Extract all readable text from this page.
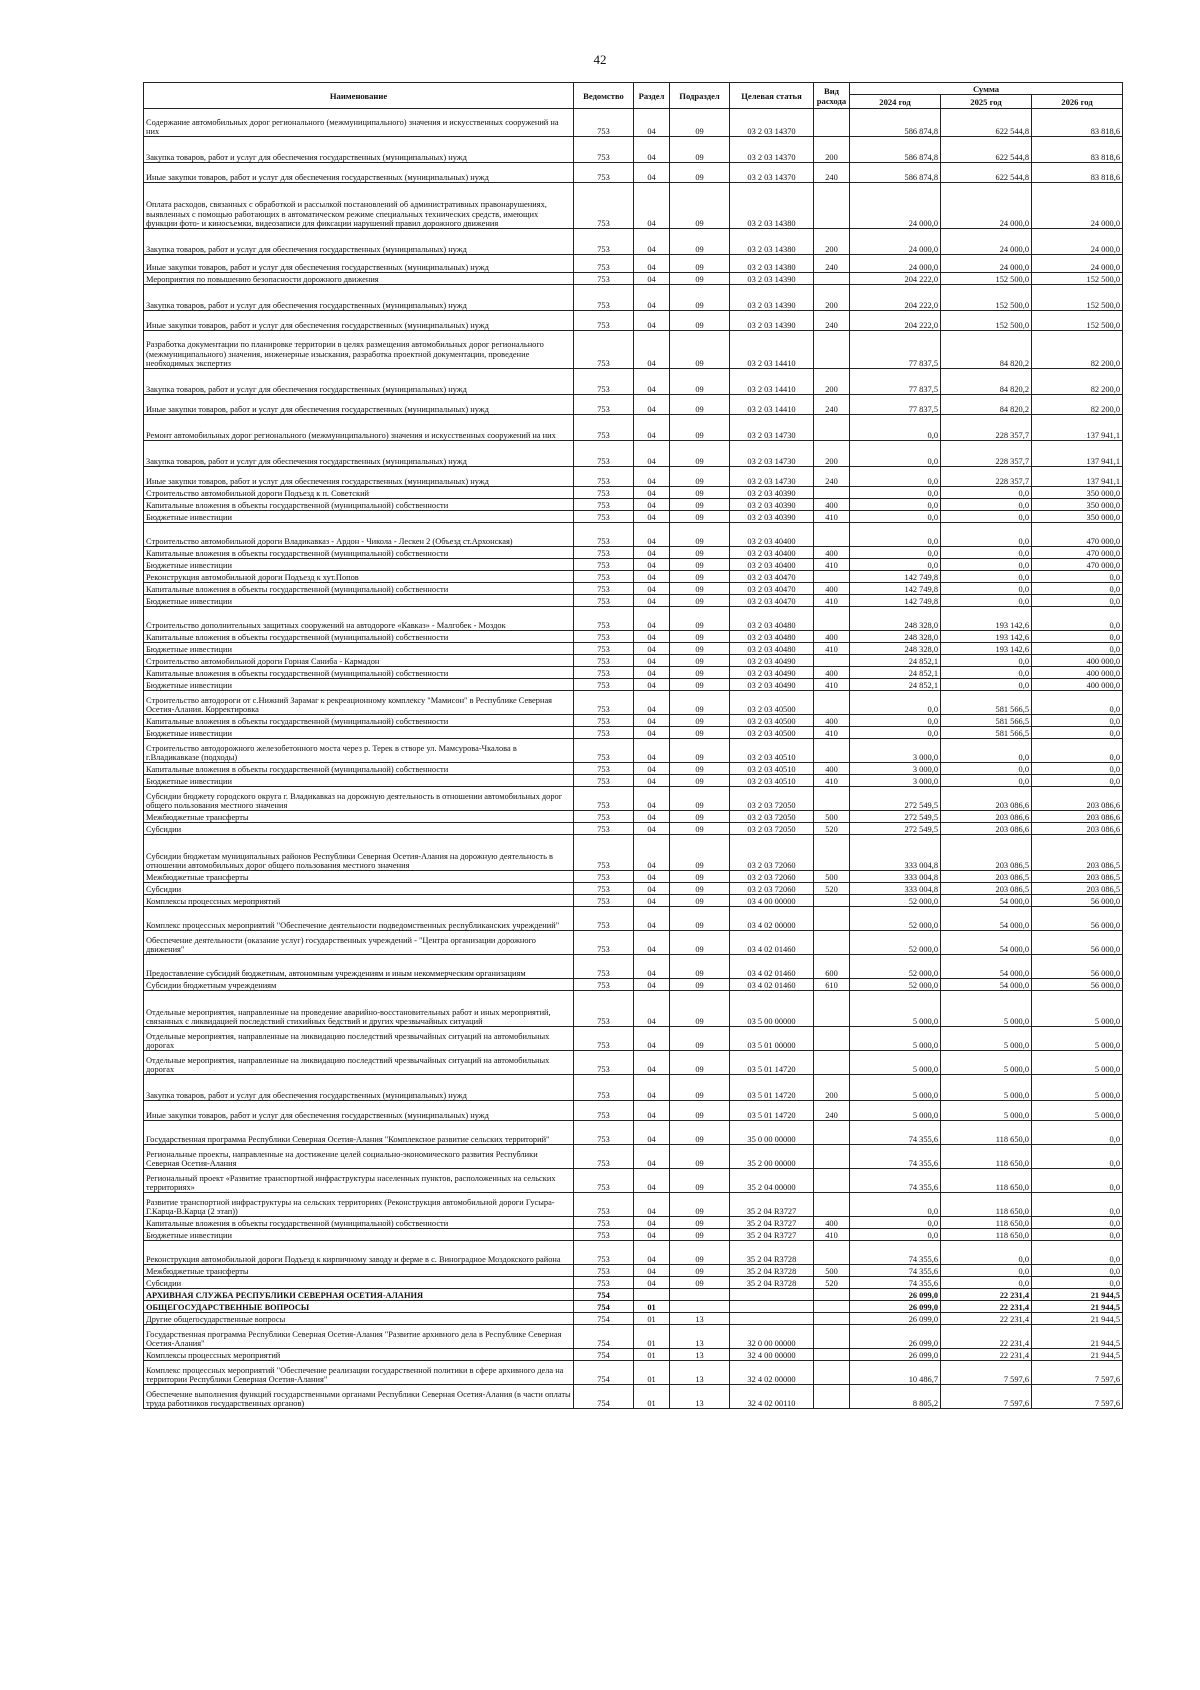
42
Наименование	Ведомство	Раздел	Подраздел	Целевая статья	Вид расхода	Сумма		
						2024 год	2025 год	2026 год
Содержание автомобильных дорог регионального (межмуниципального) значения и искусственных сооружений на них	753	04	09	03 2 03 14370		586 874,8	622 544,8	83 818,6
Закупка товаров, работ и услуг для обеспечения государственных (муниципальных) нужд	753	04	09	03 2 03 14370	200	586 874,8	622 544,8	83 818,6
Иные закупки товаров, работ и услуг для обеспечения государственных (муниципальных) нужд	753	04	09	03 2 03 14370	240	586 874,8	622 544,8	83 818,6
Оплата расходов, связанных с обработкой и рассылкой постановлений об административных правонарушениях, выявленных с помощью работающих в автоматическом режиме специальных технических средств, имеющих функции фото- и киносъемки, видеозаписи для фиксации нарушений правил дорожного движения	753	04	09	03 2 03 14380		24 000,0	24 000,0	24 000,0
Закупка товаров, работ и услуг для обеспечения государственных (муниципальных) нужд	753	04	09	03 2 03 14380	200	24 000,0	24 000,0	24 000,0
Иные закупки товаров, работ и услуг для обеспечения государственных (муниципальных) нужд	753	04	09	03 2 03 14380	240	24 000,0	24 000,0	24 000,0
Мероприятия по повышению безопасности дорожного движения	753	04	09	03 2 03 14390		204 222,0	152 500,0	152 500,0
Закупка товаров, работ и услуг для обеспечения государственных (муниципальных) нужд	753	04	09	03 2 03 14390	200	204 222,0	152 500,0	152 500,0
Иные закупки товаров, работ и услуг для обеспечения государственных (муниципальных) нужд	753	04	09	03 2 03 14390	240	204 222,0	152 500,0	152 500,0
Разработка документации по планировке территории в целях размещения автомобильных дорог регионального (межмуниципального) значения, инженерные изыскания, разработка проектной документации, проведение необходимых экспертиз	753	04	09	03 2 03 14410		77 837,5	84 820,2	82 200,0
Закупка товаров, работ и услуг для обеспечения государственных (муниципальных) нужд	753	04	09	03 2 03 14410	200	77 837,5	84 820,2	82 200,0
Иные закупки товаров, работ и услуг для обеспечения государственных (муниципальных) нужд	753	04	09	03 2 03 14410	240	77 837,5	84 820,2	82 200,0
Ремонт автомобильных дорог регионального (межмуниципального) значения и искусственных сооружений на них	753	04	09	03 2 03 14730		0,0	228 357,7	137 941,1
Закупка товаров, работ и услуг для обеспечения государственных (муниципальных) нужд	753	04	09	03 2 03 14730	200	0,0	228 357,7	137 941,1
Иные закупки товаров, работ и услуг для обеспечения государственных (муниципальных) нужд	753	04	09	03 2 03 14730	240	0,0	228 357,7	137 941,1
Строительство автомобильной дороги Подъезд к п. Советский	753	04	09	03 2 03 40390		0,0	0,0	350 000,0
Капитальные вложения в объекты государственной (муниципальной) собственности	753	04	09	03 2 03 40390	400	0,0	0,0	350 000,0
Бюджетные инвестиции	753	04	09	03 2 03 40390	410	0,0	0,0	350 000,0
Строительство автомобильной дороги Владикавказ - Ардон - Чикола - Лескен 2 (Объезд ст.Архонская)	753	04	09	03 2 03 40400		0,0	0,0	470 000,0
Капитальные вложения в объекты государственной (муниципальной) собственности	753	04	09	03 2 03 40400	400	0,0	0,0	470 000,0
Бюджетные инвестиции	753	04	09	03 2 03 40400	410	0,0	0,0	470 000,0
Реконструкция автомобильной дороги Подъезд к хут.Попов	753	04	09	03 2 03 40470		142 749,8	0,0	0,0
Капитальные вложения в объекты государственной (муниципальной) собственности	753	04	09	03 2 03 40470	400	142 749,8	0,0	0,0
Бюджетные инвестиции	753	04	09	03 2 03 40470	410	142 749,8	0,0	0,0
Строительство дополнительных защитных сооружений на автодороге «Кавказ» - Малгобек - Моздок	753	04	09	03 2 03 40480		248 328,0	193 142,6	0,0
Капитальные вложения в объекты государственной (муниципальной) собственности	753	04	09	03 2 03 40480	400	248 328,0	193 142,6	0,0
Бюджетные инвестиции	753	04	09	03 2 03 40480	410	248 328,0	193 142,6	0,0
Строительство автомобильной дороги Горная Саниба - Кармадон	753	04	09	03 2 03 40490		24 852,1	0,0	400 000,0
Капитальные вложения в объекты государственной (муниципальной) собственности	753	04	09	03 2 03 40490	400	24 852,1	0,0	400 000,0
Бюджетные инвестиции	753	04	09	03 2 03 40490	410	24 852,1	0,0	400 000,0
Строительство автодороги от с.Нижний Зарамаг к рекреационному комплексу "Мамисон" в Республике Северная Осетия-Алания. Корректировка	753	04	09	03 2 03 40500		0,0	581 566,5	0,0
Капитальные вложения в объекты государственной (муниципальной) собственности	753	04	09	03 2 03 40500	400	0,0	581 566,5	0,0
Бюджетные инвестиции	753	04	09	03 2 03 40500	410	0,0	581 566,5	0,0
Строительство автодорожного железобетонного моста через р. Терек в створе ул. Мамсурова-Чкалова в г.Владикавказе (подходы)	753	04	09	03 2 03 40510		3 000,0	0,0	0,0
Капитальные вложения в объекты государственной (муниципальной) собственности	753	04	09	03 2 03 40510	400	3 000,0	0,0	0,0
Бюджетные инвестиции	753	04	09	03 2 03 40510	410	3 000,0	0,0	0,0
Субсидии бюджету городского округа г. Владикавказ на дорожную деятельность в отношении автомобильных дорог общего пользования местного значения	753	04	09	03 2 03 72050		272 549,5	203 086,6	203 086,6
Межбюджетные трансферты	753	04	09	03 2 03 72050	500	272 549,5	203 086,6	203 086,6
Субсидии	753	04	09	03 2 03 72050	520	272 549,5	203 086,6	203 086,6
Субсидии бюджетам муниципальных районов Республики Северная Осетия-Алания на дорожную деятельность в отношении автомобильных дорог общего пользования местного значения	753	04	09	03 2 03 72060		333 004,8	203 086,5	203 086,5
Межбюджетные трансферты	753	04	09	03 2 03 72060	500	333 004,8	203 086,5	203 086,5
Субсидии	753	04	09	03 2 03 72060	520	333 004,8	203 086,5	203 086,5
Комплексы процессных мероприятий	753	04	09	03 4 00 00000		52 000,0	54 000,0	56 000,0
Комплекс процессных мероприятий "Обеспечение деятельности подведомственных республиканских учреждений"	753	04	09	03 4 02 00000		52 000,0	54 000,0	56 000,0
Обеспечение деятельности (оказание услуг) государственных учреждений - "Центра организации дорожного движения"	753	04	09	03 4 02 01460		52 000,0	54 000,0	56 000,0
Предоставление субсидий бюджетным, автономным учреждениям и иным некоммерческим организациям	753	04	09	03 4 02 01460	600	52 000,0	54 000,0	56 000,0
Субсидии бюджетным учреждениям	753	04	09	03 4 02 01460	610	52 000,0	54 000,0	56 000,0
Отдельные мероприятия, направленные на проведение аварийно-восстановительных работ и иных мероприятий, связанных с ликвидацией последствий стихийных бедствий и других чрезвычайных ситуаций	753	04	09	03 5 00 00000		5 000,0	5 000,0	5 000,0
Отдельные мероприятия, направленные на ликвидацию последствий чрезвычайных ситуаций на автомобильных дорогах	753	04	09	03 5 01 00000		5 000,0	5 000,0	5 000,0
Отдельные мероприятия, направленные на ликвидацию последствий чрезвычайных ситуаций на автомобильных дорогах	753	04	09	03 5 01 14720		5 000,0	5 000,0	5 000,0
Закупка товаров, работ и услуг для обеспечения государственных (муниципальных) нужд	753	04	09	03 5 01 14720	200	5 000,0	5 000,0	5 000,0
Иные закупки товаров, работ и услуг для обеспечения государственных (муниципальных) нужд	753	04	09	03 5 01 14720	240	5 000,0	5 000,0	5 000,0
Государственная программа Республики Северная Осетия-Алания "Комплексное развитие сельских территорий"	753	04	09	35 0 00 00000		74 355,6	118 650,0	0,0
Региональные проекты, направленные на достижение целей социально-экономического развития Республики Северная Осетия-Алания	753	04	09	35 2 00 00000		74 355,6	118 650,0	0,0
Региональный проект «Развитие транспортной инфраструктуры населенных пунктов, расположенных на сельских территориях»	753	04	09	35 2 04 00000		74 355,6	118 650,0	0,0
Развитие транспортной инфраструктуры на сельских территориях (Реконструкция автомобильной дороги Гусыра-Г.Карца-В.Карца (2 этап))	753	04	09	35 2 04 R3727		0,0	118 650,0	0,0
Капитальные вложения в объекты государственной (муниципальной) собственности	753	04	09	35 2 04 R3727	400	0,0	118 650,0	0,0
Бюджетные инвестиции	753	04	09	35 2 04 R3727	410	0,0	118 650,0	0,0
Реконструкция автомобильной дороги Подъезд к кирпичному заводу и ферме в с. Виноградное Моздокского района	753	04	09	35 2 04 R3728		74 355,6	0,0	0,0
Межбюджетные трансферты	753	04	09	35 2 04 R3728	500	74 355,6	0,0	0,0
Субсидии	753	04	09	35 2 04 R3728	520	74 355,6	0,0	0,0
АРХИВНАЯ СЛУЖБА РЕСПУБЛИКИ СЕВЕРНАЯ ОСЕТИЯ-АЛАНИЯ	754					26 099,0	22 231,4	21 944,5
ОБЩЕГОСУДАРСТВЕННЫЕ ВОПРОСЫ	754	01				26 099,0	22 231,4	21 944,5
Другие общегосударственные вопросы	754	01	13			26 099,0	22 231,4	21 944,5
Государственная программа Республики Северная Осетия-Алания "Развитие архивного дела в Республике Северная Осетия-Алания"	754	01	13	32 0 00 00000		26 099,0	22 231,4	21 944,5
Комплексы процессных мероприятий	754	01	13	32 4 00 00000		26 099,0	22 231,4	21 944,5
Комплекс процессных мероприятий "Обеспечение реализации государственной политики в сфере архивного дела на территории Республики Северная Осетия-Алания"	754	01	13	32 4 02 00000		10 486,7	7 597,6	7 597,6
Обеспечение выполнения функций государственными органами Республики Северная Осетия-Алания (в части оплаты труда работников государственных органов)	754	01	13	32 4 02 00110		8 805,2	7 597,6	7 597,6
